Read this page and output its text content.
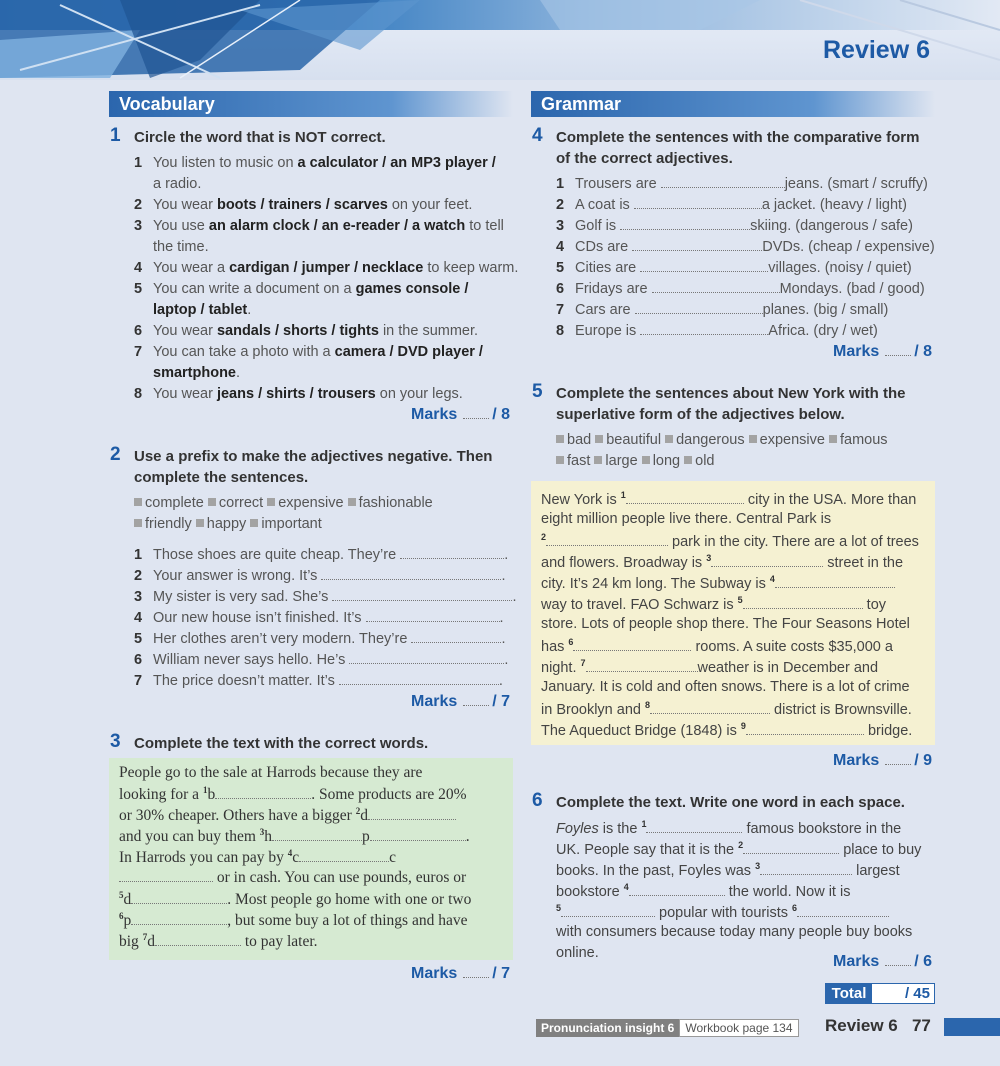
Review 6
Vocabulary
1 Circle the word that is NOT correct.
1 You listen to music on a calculator / an MP3 player /
a radio.
2 You wear boots / trainers / scarves on your feet.
3 You use an alarm clock / an e-reader / a watch to tell
the time.
4 You wear a cardigan / jumper / necklace to keep warm.
5 You can write a document on a games console /
laptop / tablet.
6 You wear sandals / shorts / tights in the summer.
7 You can take a photo with a camera / DVD player /
smartphone.
8 You wear jeans / shirts / trousers on your legs.
Marks / 8
2 Use a prefix to make the adjectives negative. Then
complete the sentences.
complete correct expensive fashionable
friendly happy important
1 Those shoes are quite cheap. They’re	.
2 Your answer is wrong. It’s	.
3 My sister is very sad. She’s	.
4 Our new house isn’t finished. It’s	.
5 Her clothes aren’t very modern. They’re	.
6 William never says hello. He’s	.
7 The price doesn’t matter. It’s	.
Marks / 7
3 Complete the text with the correct words.
People go to the sale at Harrods because they are
looking for a $^1$b	. Some products are 20%
or 30% cheaper. Others have a bigger $^2$d
and you can buy them $^3$h	p	.
In Harrods you can pay by $^4$c	c
or in cash. You can use pounds, euros or
$^5$d	. Most people go home with one or two
$^6$p	, but some buy a lot of things and have
big $^7$d	to pay later.
Marks / 7
Grammar
4 Complete the sentences with the comparative form
of the correct adjectives.
1 Trousers are	jeans. (smart / scruffy)
2 A coat is	a jacket. (heavy / light)
3 Golf is	skiing. (dangerous / safe)
4 CDs are	DVDs. (cheap / expensive)
5 Cities are	villages. (noisy / quiet)
6 Fridays are	Mondays. (bad / good)
7 Cars are	planes. (big / small)
8 Europe is	Africa. (dry / wet)
Marks / 8
5 Complete the sentences about New York with the
superlative form of the adjectives below.
bad beautiful dangerous expensive famous
fast large long old
New York is $^1$	city in the USA. More than
eight million people live there. Central Park is
$^2$	park in the city. There are a lot of trees
and flowers. Broadway is $^3$	street in the
city. It’s 24 km long. The Subway is $^4$
way to travel. FAO Schwarz is $^5$	toy
store. Lots of people shop there. The Four Seasons Hotel
has $^6$	rooms. A suite costs $35,000 a
night. $^7$	weather is in December and
January. It is cold and often snows. There is a lot of crime
in Brooklyn and $^8$	district is Brownsville.
The Aqueduct Bridge (1848) is $^9$	bridge.
Marks / 9
6 Complete the text. Write one word in each space.
Foyles is the $^1$	famous bookstore in the
UK. People say that it is the $^2$	place to buy
books. In the past, Foyles was $^3$	largest
bookstore $^4$	the world. Now it is
$^5$	popular with tourists $^6$
with consumers because today many people buy books
online.	Marks / 6
Total	/ 45
Pronunciation insight 6 Workbook page 134	Review 6 77
